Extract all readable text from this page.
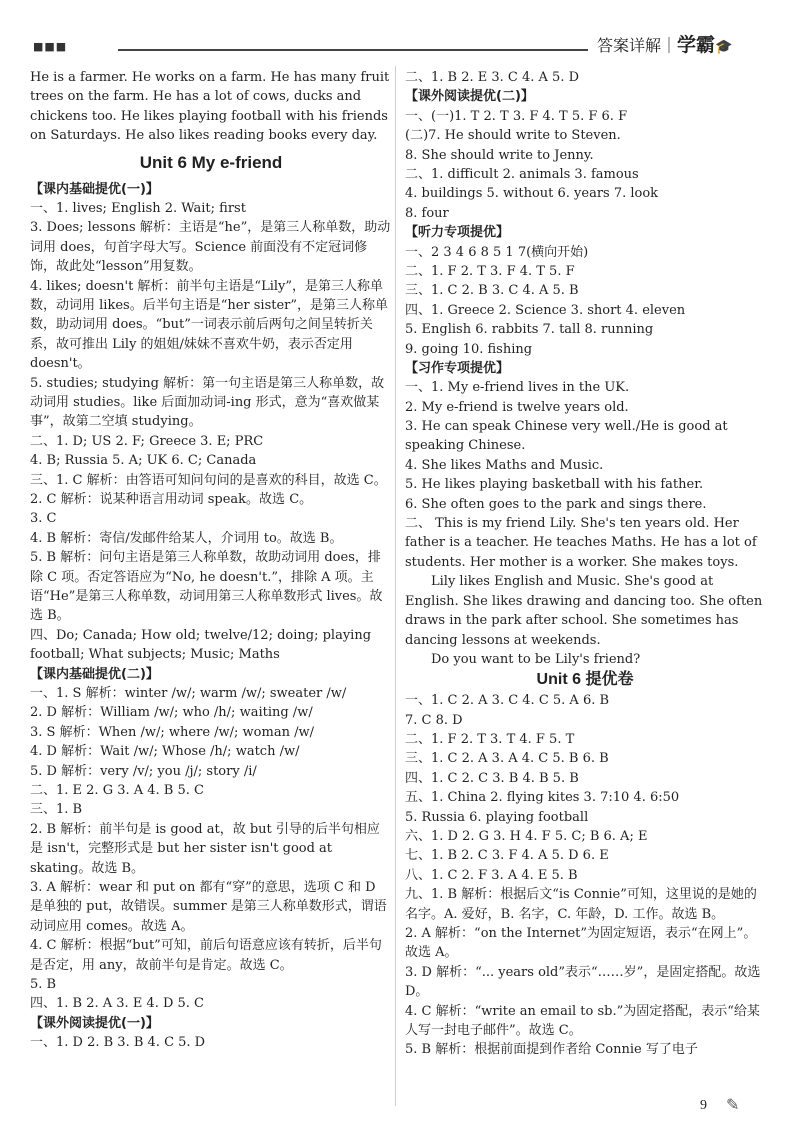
■■■	答案详解｜学霸🎓
He is a farmer. He works on a farm. He has many fruit trees on the farm. He has a lot of cows, ducks and chickens too. He likes playing football with his friends on Saturdays. He also likes reading books every day.
Unit 6 My e-friend
【课内基础提优(一)】
一、1. lives; English 2. Wait; first
3. Does; lessons 解析：主语是“he”，是第三人称单数，助动词用 does，句首字母大写。Science 前面没有不定冠词修饰，故此处“lesson”用复数。
4. likes; doesn't 解析：前半句主语是“Lily”，是第三人称单数，动词用 likes。后半句主语是“her sister”，是第三人称单数，助动词用 does。“but”一词表示前后两句之间呈转折关系，故可推出 Lily 的姐姐/妹妹不喜欢牛奶，表示否定用 doesn't。
5. studies; studying 解析：第一句主语是第三人称单数，故动词用 studies。like 后面加动词-ing 形式，意为“喜欢做某事”，故第二空填 studying。
二、1. D; US 2. F; Greece 3. E; PRC
4. B; Russia 5. A; UK 6. C; Canada
三、1. C 解析：由答语可知问句问的是喜欢的科目，故选 C。
2. C 解析：说某种语言用动词 speak。故选 C。
3. C
4. B 解析：寄信/发邮件给某人，介词用 to。故选 B。
5. B 解析：问句主语是第三人称单数，故助动词用 does，排除 C 项。否定答语应为“No, he doesn't.”，排除 A 项。主语“He”是第三人称单数，动词用第三人称单数形式 lives。故选 B。
四、Do; Canada; How old; twelve/12; doing; playing football; What subjects; Music; Maths
【课内基础提优(二)】
一、1. S 解析：winter /w/; warm /w/; sweater /w/
2. D 解析：William /w/; who /h/; waiting /w/
3. S 解析：When /w/; where /w/; woman /w/
4. D 解析：Wait /w/; Whose /h/; watch /w/
5. D 解析：very /v/; you /j/; story /i/
二、1. E 2. G 3. A 4. B 5. C
三、1. B
2. B 解析：前半句是 is good at，故 but 引导的后半句相应是 isn't，完整形式是 but her sister isn't good at skating。故选 B。
3. A 解析：wear 和 put on 都有“穿”的意思，选项 C 和 D 是单独的 put，故错误。summer 是第三人称单数形式，谓语动词应用 comes。故选 A。
4. C 解析：根据“but”可知，前后句语意应该有转折，后半句是否定，用 any，故前半句是肯定。故选 C。
5. B
四、1. B 2. A 3. E 4. D 5. C
【课外阅读提优(一)】
一、1. D 2. B 3. B 4. C 5. D
二、1. B 2. E 3. C 4. A 5. D
【课外阅读提优(二)】
一、(一)1. T 2. T 3. F 4. T 5. F 6. F
(二)7. He should write to Steven.
8. She should write to Jenny.
二、1. difficult 2. animals 3. famous
4. buildings 5. without 6. years 7. look
8. four
【听力专项提优】
一、2 3 4 6 8 5 1 7(横向开始)
二、1. F 2. T 3. F 4. T 5. F
三、1. C 2. B 3. C 4. A 5. B
四、1. Greece 2. Science 3. short 4. eleven
5. English 6. rabbits 7. tall 8. running
9. going 10. fishing
【习作专项提优】
一、1. My e-friend lives in the UK.
2. My e-friend is twelve years old.
3. He can speak Chinese very well./He is good at speaking Chinese.
4. She likes Maths and Music.
5. He likes playing basketball with his father.
6. She often goes to the park and sings there.
二、 This is my friend Lily. She's ten years old. Her father is a teacher. He teaches Maths. He has a lot of students. Her mother is a worker. She makes toys.
Lily likes English and Music. She's good at English. She likes drawing and dancing too. She often draws in the park after school. She sometimes has dancing lessons at weekends.
Do you want to be Lily's friend?
Unit 6 提优卷
一、1. C 2. A 3. C 4. C 5. A 6. B
7. C 8. D
二、1. F 2. T 3. T 4. F 5. T
三、1. C 2. A 3. A 4. C 5. B 6. B
四、1. C 2. C 3. B 4. B 5. B
五、1. China 2. flying kites 3. 7:10 4. 6:50
5. Russia 6. playing football
六、1. D 2. G 3. H 4. F 5. C; B 6. A; E
七、1. B 2. C 3. F 4. A 5. D 6. E
八、1. C 2. F 3. A 4. E 5. B
九、1. B 解析：根据后文“is Connie”可知，这里说的是她的名字。A. 爱好，B. 名字，C. 年龄，D. 工作。故选 B。
2. A 解析：“on the Internet”为固定短语，表示“在网上”。故选 A。
3. D 解析：“... years old”表示“……岁”，是固定搭配。故选 D。
4. C 解析：“write an email to sb.”为固定搭配，表示“给某人写一封电子邮件”。故选 C。
5. B 解析：根据前面提到作者给 Connie 写了电子
9 ✎
